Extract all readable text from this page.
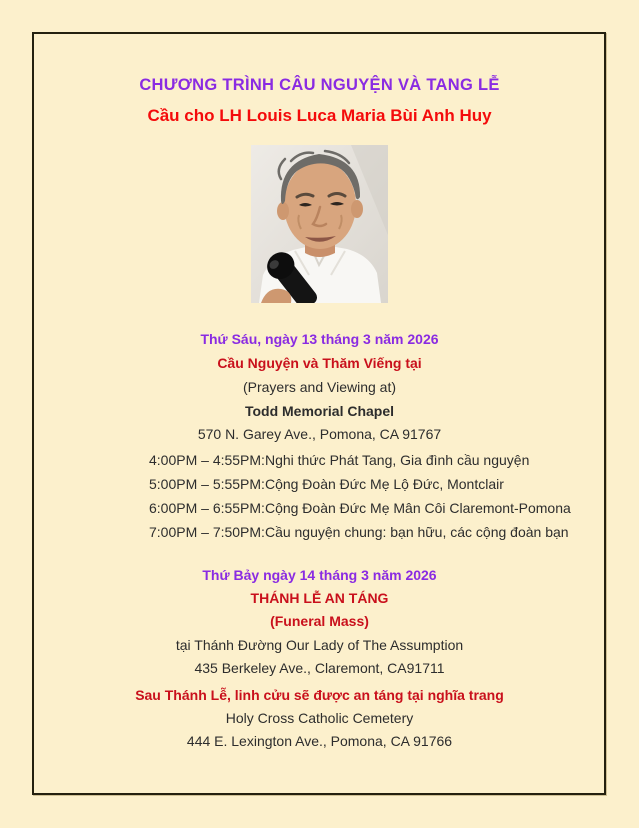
CHƯƠNG TRÌNH CÂU NGUYỆN VÀ TANG LỄ
Cầu cho LH Louis Luca Maria Bùi Anh Huy
Thứ Sáu, ngày 13 tháng 3 năm 2026
Cầu Nguyện và Thăm Viếng tại
(Prayers and Viewing at)
Todd Memorial Chapel
570 N. Garey Ave., Pomona, CA 91767
4:00PM – 4:55PM:Nghi thức Phát Tang, Gia đình cầu nguyện
5:00PM – 5:55PM:Cộng Đoàn Đức Mẹ Lộ Đức, Montclair
6:00PM – 6:55PM:Cộng Đoàn Đức Mẹ Mân Côi Claremont-Pomona
7:00PM – 7:50PM:Cầu nguyện chung: bạn hữu, các cộng đoàn bạn
Thứ Bảy ngày 14 tháng 3 năm 2026
THÁNH LỄ AN TÁNG
(Funeral Mass)
tại Thánh Đường Our Lady of The Assumption
435 Berkeley Ave., Claremont, CA91711
Sau Thánh Lễ, linh cửu sẽ được an táng tại nghĩa trang
Holy Cross Catholic Cemetery
444 E. Lexington Ave., Pomona, CA 91766
